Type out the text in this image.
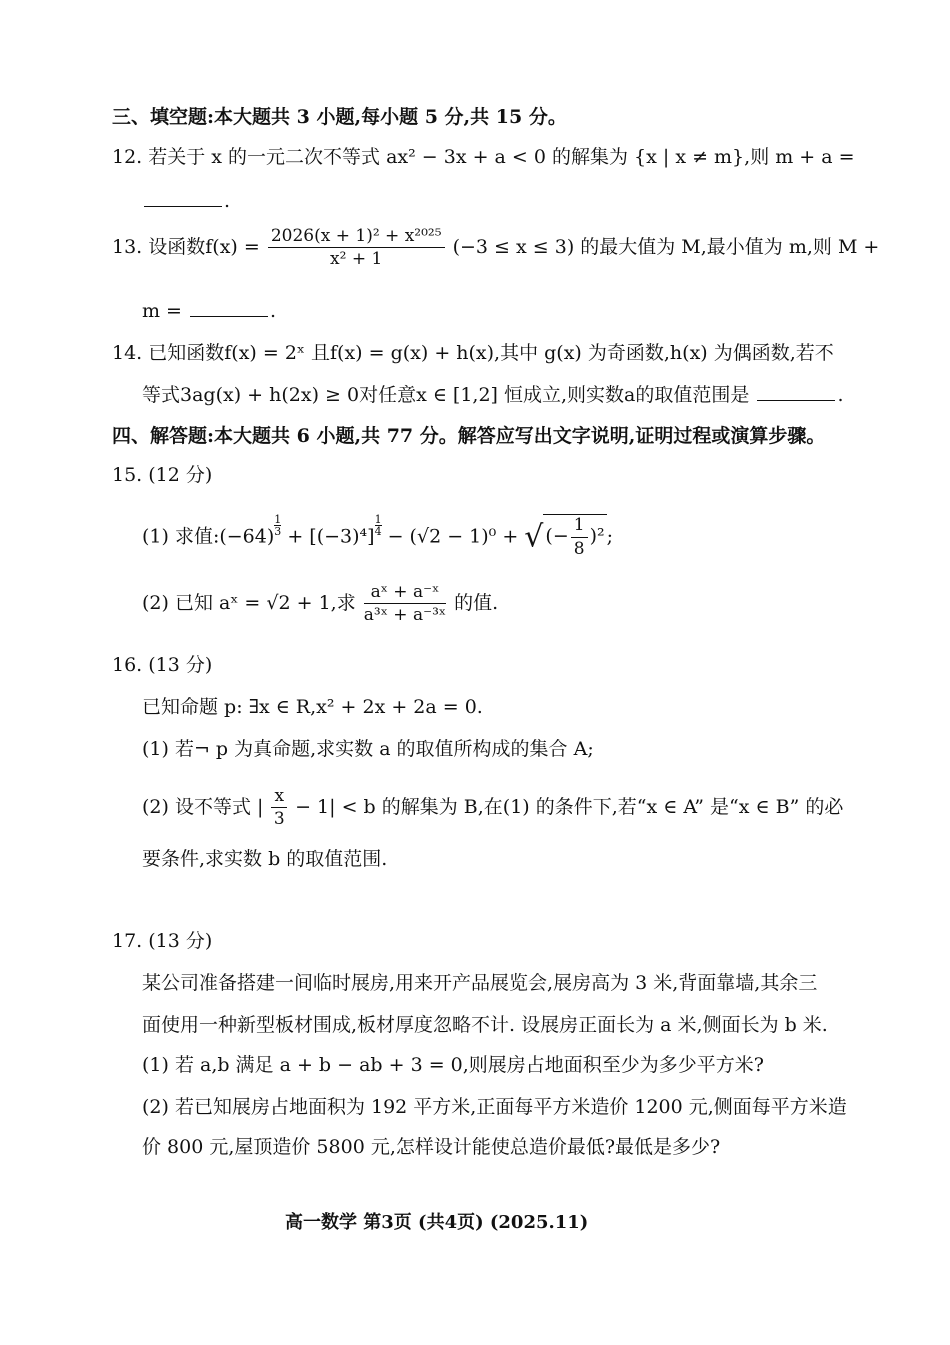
三、填空题:本大题共 3 小题,每小题 5 分,共 15 分。
12. 若关于 x 的一元二次不等式 ax² − 3x + a < 0 的解集为 {x | x ≠ m},则 m + a =
.
13. 设函数$f(x) = \frac{\text{2026(x + 1)² + x²⁰²⁵}}{\text{x² + 1}} (-3 \le x \le 3)$ 的最大值为 M,最小值为 m,则 M +
m =	.
14. 已知函数f(x) = 2ˣ 且f(x) = g(x) + h(x),其中 g(x) 为奇函数,h(x) 为偶函数,若不
等式3ag(x) + h(2x) ≥ 0对任意x ∈ [1,2] 恒成立,则实数a的取值范围是	.
四、解答题:本大题共 6 小题,共 77 分。解答应写出文字说明,证明过程或演算步骤。
15. (12 分)
(1) 求值:(−64) $\frac{1}{3} + [(-3)^4] \frac{1}{4} - (√2 - 1)^0$ + √ (− $\frac{1}{8} )^2$ ;
(2) 已知 aˣ = √2 + 1,求 $\frac{\text{aˣ + a⁻ˣ}}{\text{a³ˣ + a⁻³ˣ}}$ 的值.
16. (13 分)
已知命题 p: ∃x ∈ R,x² + 2x + 2a = 0.
(1) 若¬ p 为真命题,求实数 a 的取值所构成的集合 A;
(2) 设不等式 | $\frac{x}{3} - 1| < b$ 的解集为 B,在(1) 的条件下,若“x ∈ A” 是“x ∈ B” 的必
要条件,求实数 b 的取值范围.
17. (13 分)
某公司准备搭建一间临时展房,用来开产品展览会,展房高为 3 米,背面靠墙,其余三
面使用一种新型板材围成,板材厚度忽略不计. 设展房正面长为 a 米,侧面长为 b 米.
(1) 若 a,b 满足 a + b − ab + 3 = 0,则展房占地面积至少为多少平方米?
(2) 若已知展房占地面积为 192 平方米,正面每平方米造价 1200 元,侧面每平方米造
价 800 元,屋顶造价 5800 元,怎样设计能使总造价最低?最低是多少?
高一数学 第3页 (共4页) (2025.11)
